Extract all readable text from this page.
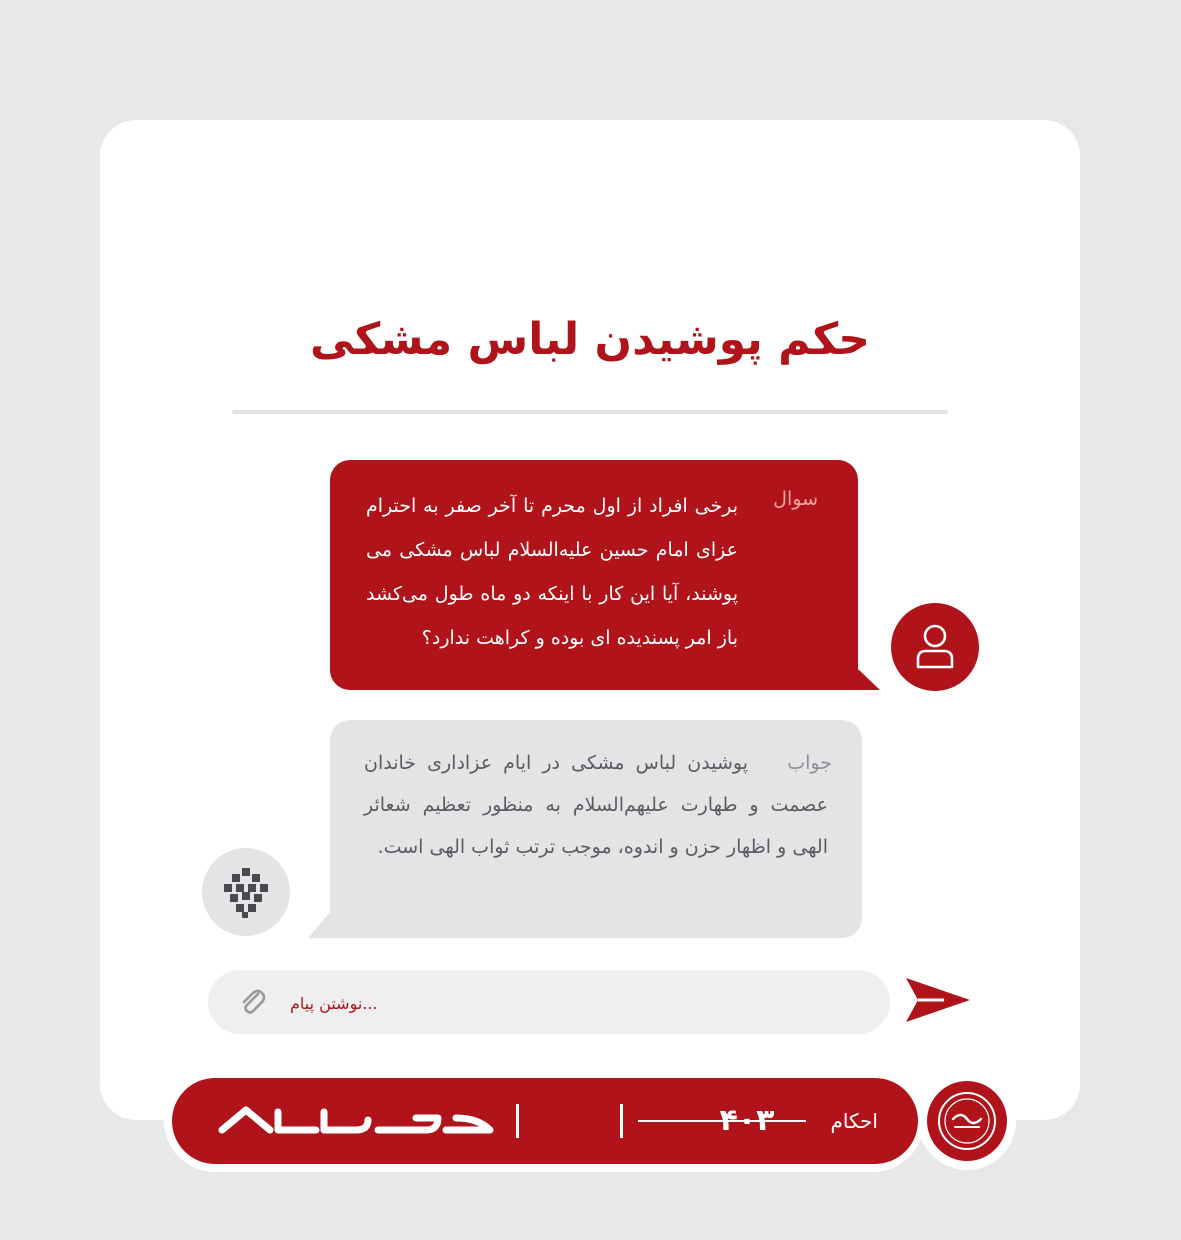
حکم پوشیدن لباس مشکی
سوال

برخی افراد از اول محرم تا آخر صفر به احترام عزای امام حسین علیه‌السلام لباس مشکی می پوشند، آیا این کار با اینکه دو ماه طول می‌کشد باز امر پسندیده ای بوده و کراهت ندارد؟

جواب

پوشیدن لباس مشکی در ایام عزاداری خاندان عصمت و طهارت علیهم‌السلام به منظور تعظیم شعائر الهی و اظهار حزن و اندوه، موجب ترتب ثواب الهی است.

...نوشتن پیام
احکام
۴۰۳
